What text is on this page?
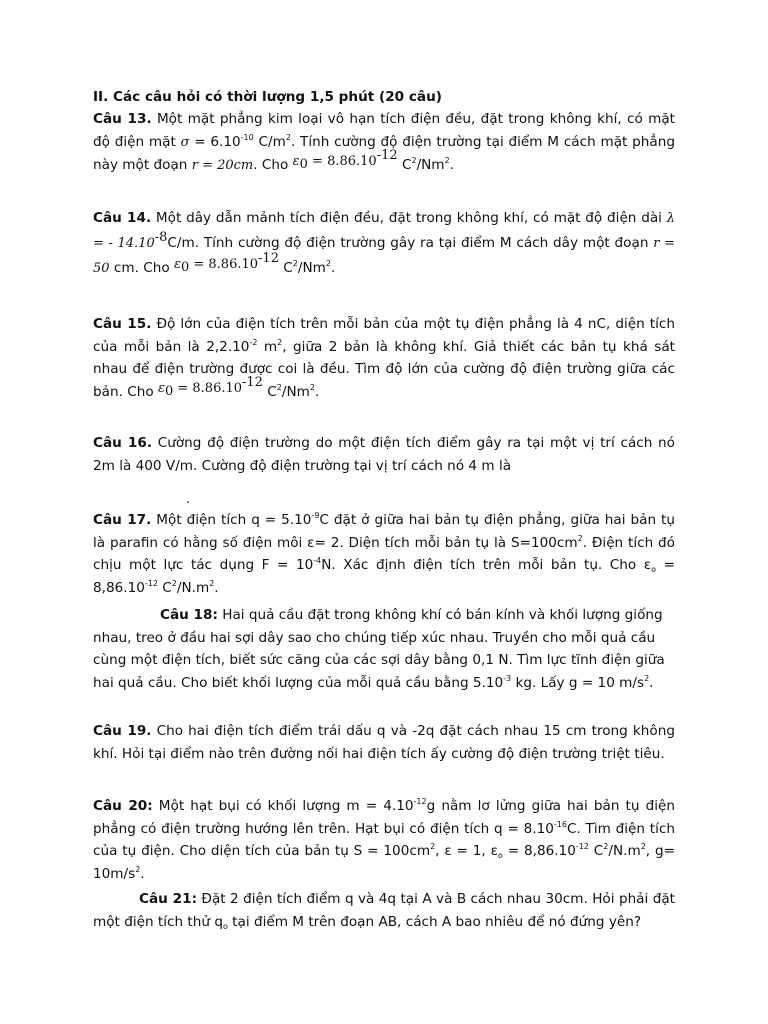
II. Các câu hỏi có thời lượng 1,5 phút (20 câu)
Câu 13. Một mặt phẳng kim loại vô hạn tích điện đều, đặt trong không khí, có mặt độ điện mặt $\sigma = 6.10^{-10}$ $C/m^2$. Tính cường độ điện trường tại điểm M cách mặt phẳng này một đoạn r = 20cm. Cho $\varepsilon_0 = 8.86.10^{-12}$ $C^2/Nm^2$.
Câu 14. Một dây dẫn mảnh tích điện đều, đặt trong không khí, có mặt độ điện dài λ = - $14.10^{-8}C/m$. Tính cường độ điện trường gây ra tại điểm M cách dây một đoạn r = 50 cm. Cho $\varepsilon_0 = 8.86.10^{-12}$ $C^2/Nm^2$.
Câu 15. Độ lớn của điện tích trên mỗi bản của một tụ điện phẳng là 4 nC, diện tích của mỗi bản là $2,2.10^{-2}$ $m^2$, giữa 2 bản là không khí. Giả thiết các bản tụ khá sát nhau để điện trường được coi là đều. Tìm độ lớn của cường độ điện trường giữa các bản. Cho $\varepsilon_0 = 8.86.10^{-12}$ $C^2/Nm^2$.
Câu 16. Cường độ điện trường do một điện tích điểm gây ra tại một vị trí cách nó 2m là 400 V/m. Cường độ điện trường tại vị trí cách nó 4 m là
.
Câu 17. Một điện tích $q = 5.10^{-9}C$ đặt ở giữa hai bản tụ điện phẳng, giữa hai bản tụ là parafin có hằng số điện môi ε= 2. Diện tích mỗi bản tụ là $S=100cm^2$. Điện tích đó chịu một lực tác dụng $F = 10^{-4}N$. Xác định điện tích trên mỗi bản tụ. Cho $\varepsilon_o = 8,86.10^{-12}$ $C^2/N.m^2$.
Câu 18: Hai quả cầu đặt trong không khí có bán kính và khối lượng giống nhau, treo ở đầu hai sợi dây sao cho chúng tiếp xúc nhau. Truyền cho mỗi quả cầu cùng một điện tích, biết sức căng của các sợi dây bằng 0,1 N. Tìm lực tĩnh điện giữa hai quả cầu. Cho biết khối lượng của mỗi quả cầu bằng $5.10^{-3}$ kg. Lấy g = 10 $m/s^2$.
Câu 19. Cho hai điện tích điểm trái dấu q và -2q đặt cách nhau 15 cm trong không khí. Hỏi tại điểm nào trên đường nối hai điện tích ấy cường độ điện trường triệt tiêu.
Câu 20: Một hạt bụi có khối lượng $m = 4.10^{-12}g$ nằm lơ lửng giữa hai bản tụ điện phẳng có điện trường hướng lên trên. Hạt bụi có điện tích $q = 8.10^{-16}C$. Tìm điện tích của tụ điện. Cho diện tích của bản tụ $S = 100cm^2$, ε = 1, $\varepsilon_o = 8,86.10^{-12}$ $C^2/N.m^2$, $g= 10m/s^2$.
Câu 21: Đặt 2 điện tích điểm q và 4q tại A và B cách nhau 30cm. Hỏi phải đặt một điện tích thử $q_o$ tại điểm M trên đoạn AB, cách A bao nhiêu để nó đứng yên?
